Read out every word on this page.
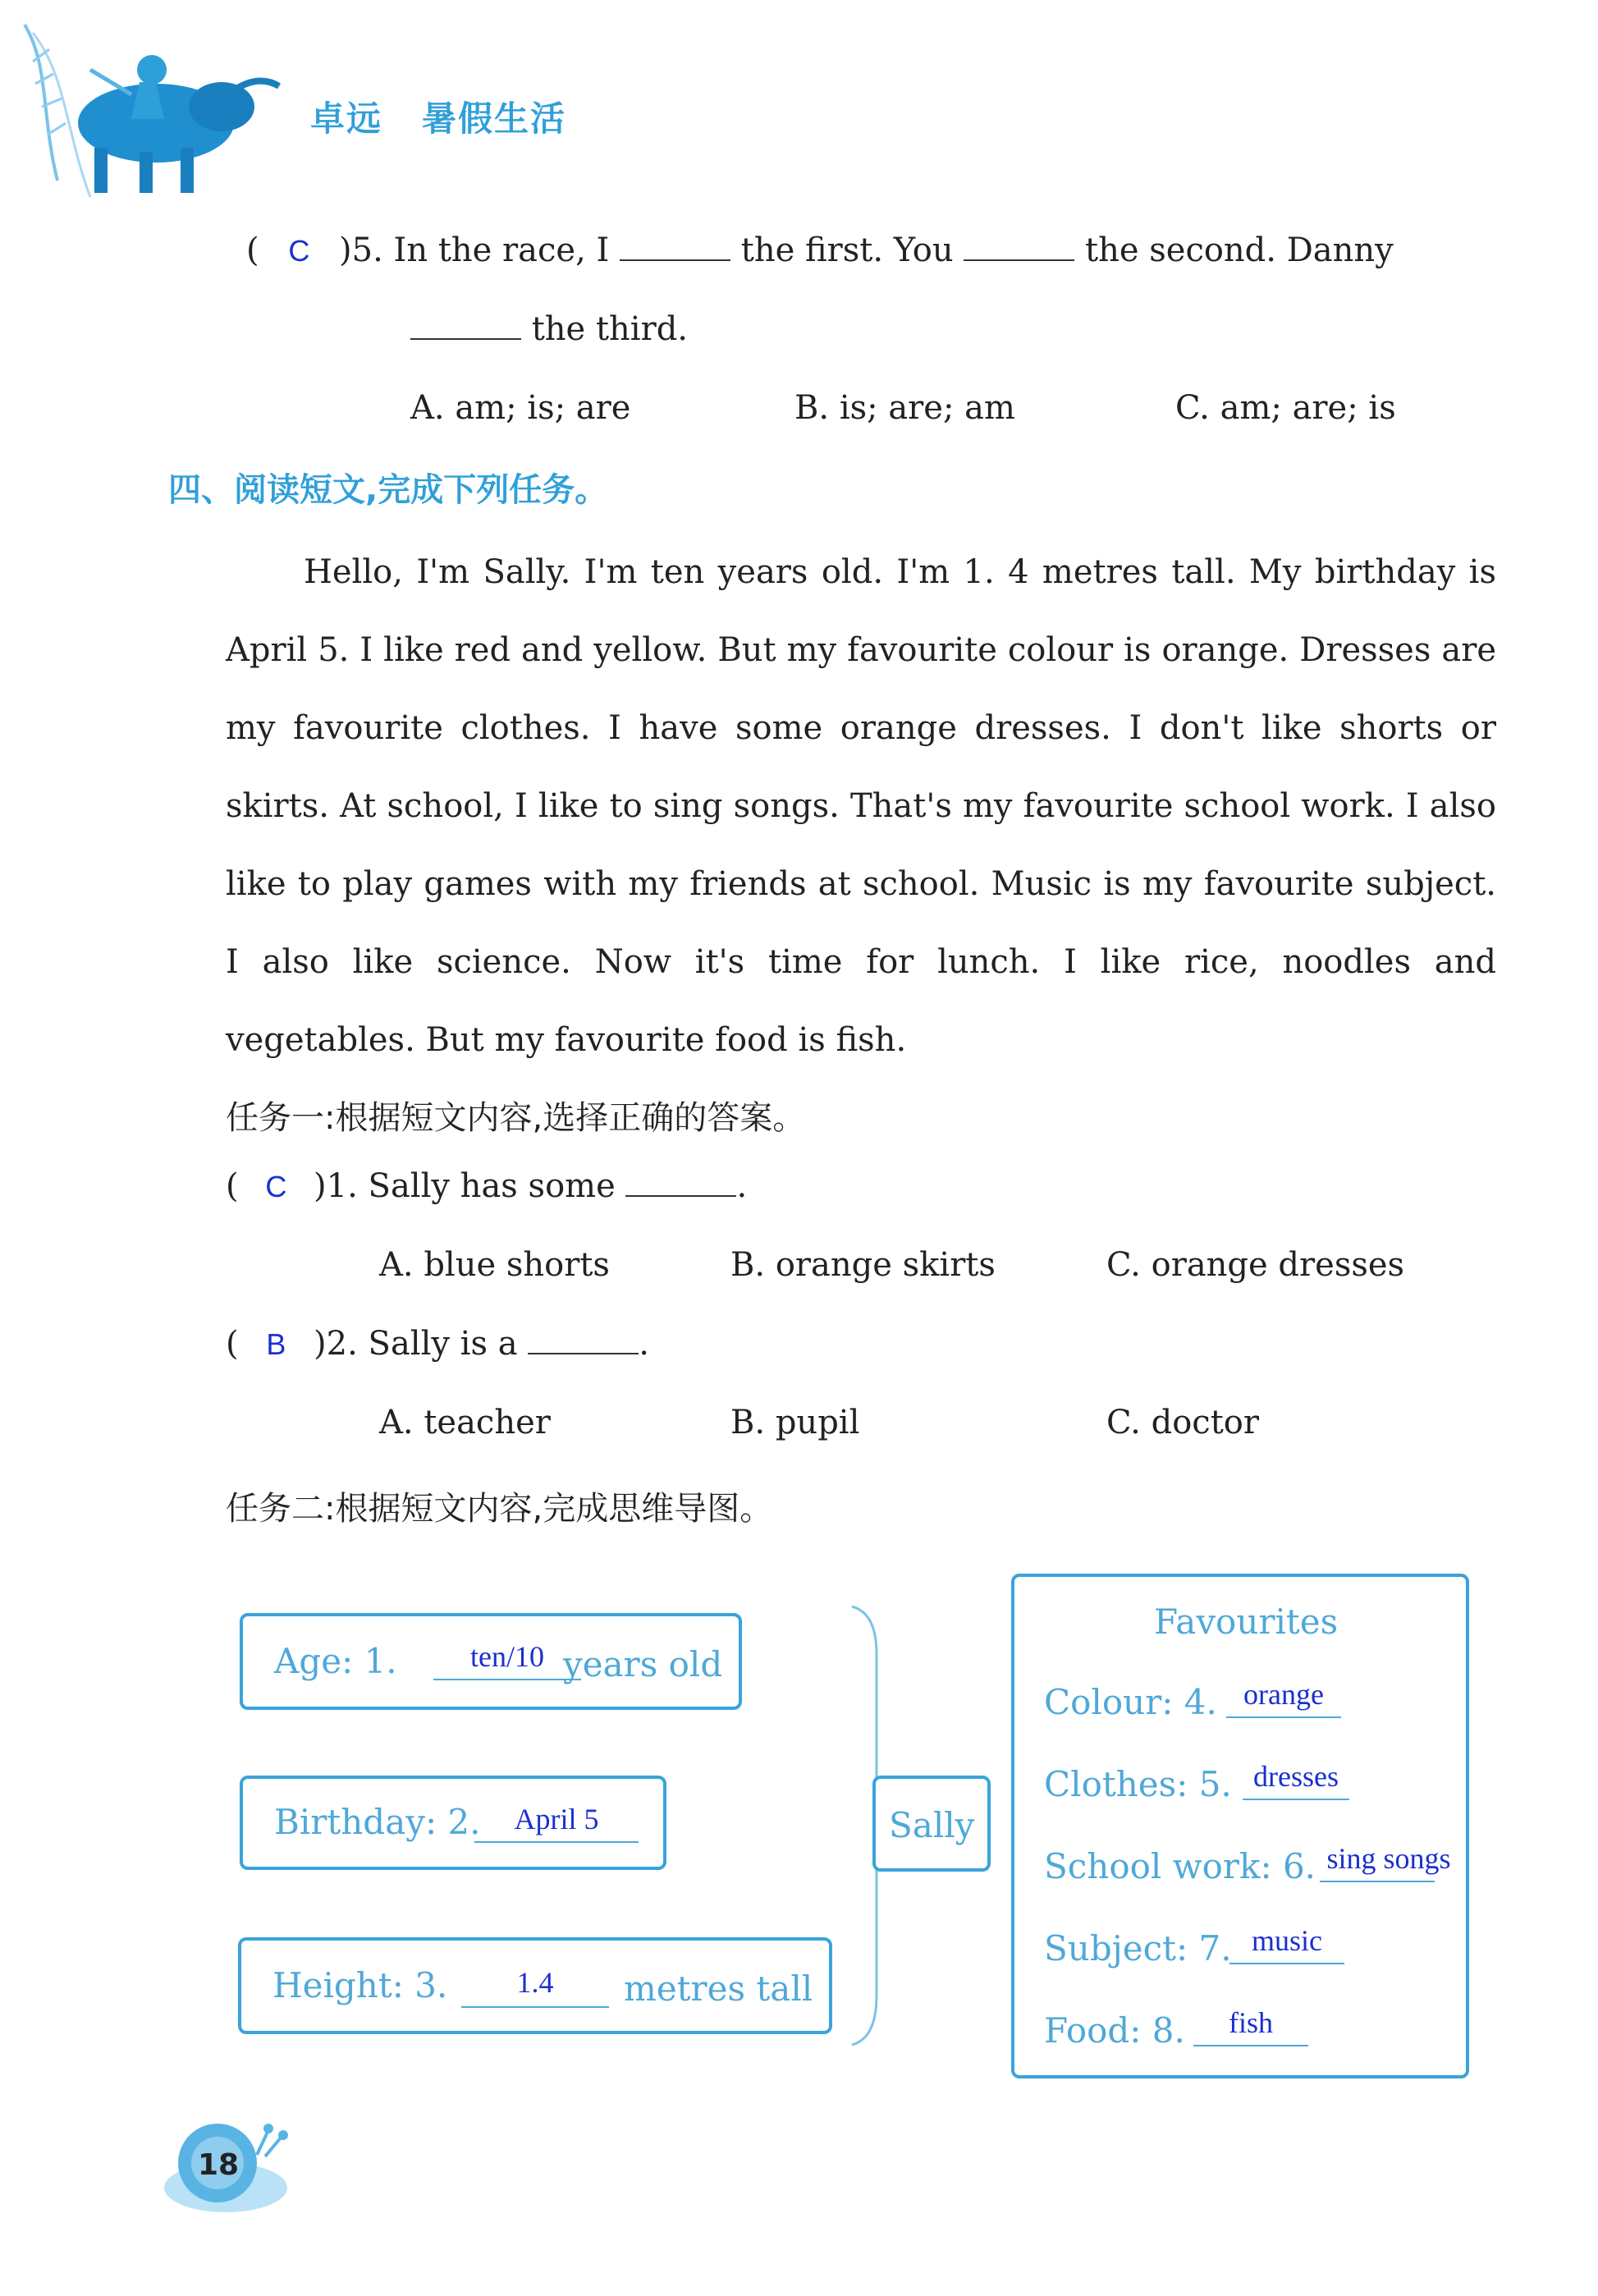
卓远 暑假生活
( C )5. In the race, I	the first. You	the second. Danny
the third.
A. am; is; are	B. is; are; am	C. am; are; is
四、阅读短文,完成下列任务。
Hello, I'm Sally. I'm ten years old. I'm 1. 4 metres tall. My birthday is April 5. I like red and yellow. But my favourite colour is orange. Dresses are my favourite clothes. I have some orange dresses. I don't like shorts or skirts. At school, I like to sing songs. That's my favourite school work. I also like to play games with my friends at school. Music is my favourite subject. I also like science. Now it's time for lunch. I like rice, noodles and vegetables. But my favourite food is fish.
任务一:根据短文内容,选择正确的答案。
( C )1. Sally has some	.
A. blue shorts	B. orange skirts	C. orange dresses
( B )2. Sally is a	.
A. teacher	B. pupil	C. doctor
任务二:根据短文内容,完成思维导图。
Age: 1.	ten/10 years old
Birthday: 2.	April 5
Height: 3.	1.4	metres tall
Sally
Favourites
Colour: 4. orange
Clothes: 5. dresses
School work: 6. sing songs
Subject: 7. music
Food: 8.	fish
18
